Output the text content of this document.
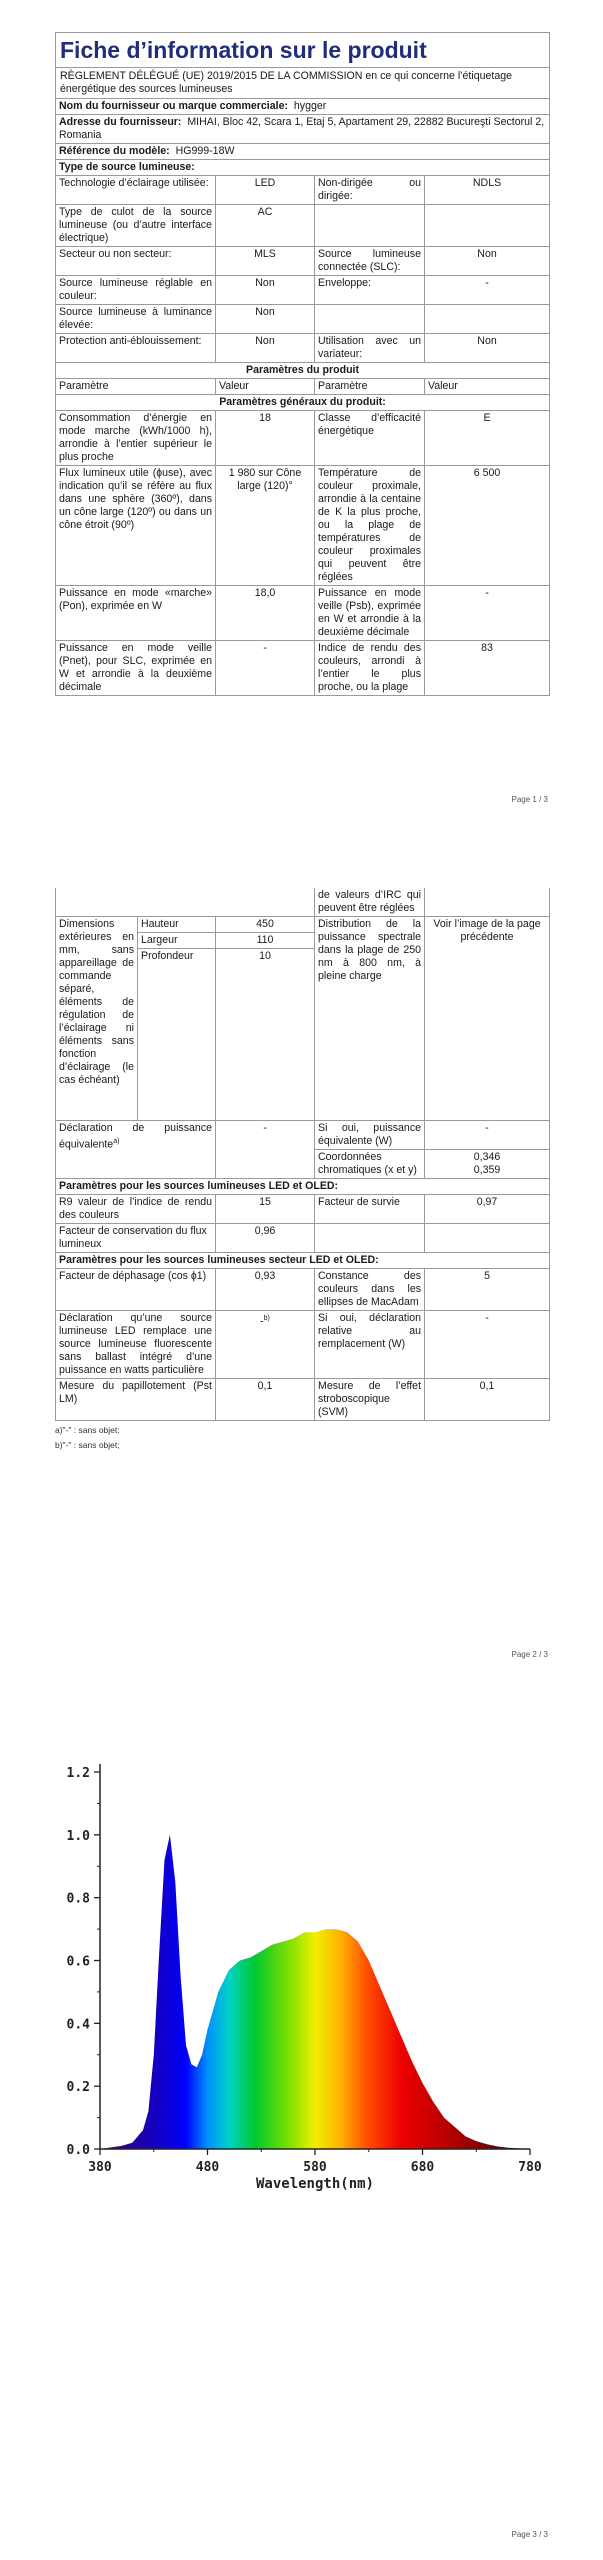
Fiche d’information sur le produit			
RÈGLEMENT DÉLÉGUÉ (UE) 2019/2015 DE LA COMMISSION en ce qui concerne l’étiquetage énergétique des sources lumineuses			
Nom du fournisseur ou marque commerciale: hygger			
Adresse du fournisseur: MIHAI, Bloc 42, Scara 1, Etaj 5, Apartament 29, 22882 Bucureşti Sectorul 2, Romania			
Référence du modèle: HG999-18W			
Type de source lumineuse:			
Technologie d’éclairage utilisée:	LED	Non-dirigée ou dirigée:	NDLS
Type de culot de la source lumineuse (ou d’autre interface électrique)	AC		
Secteur ou non secteur:	MLS	Source lumineuse connectée (SLC):	Non
Source lumineuse réglable en couleur:	Non	Enveloppe:	-
Source lumineuse à luminance élevée:	Non		
Protection anti-éblouissement:	Non	Utilisation avec un variateur:	Non
Paramètres du produit			
Paramètre	Valeur	Paramètre	Valeur
Paramètres généraux du produit:			
Consommation d’énergie en mode marche (kWh/1000 h), arrondie à l’entier supérieur le plus proche	18	Classe d’efficacité énergétique	E
Flux lumineux utile (ɸuse), avec indication qu’il se réfère au flux dans une sphère (360º), dans un cône large (120º) ou dans un cône étroit (90º)	1 980 sur Cône large (120)°	Température de couleur proximale, arrondie à la centaine de K la plus proche, ou la plage de températures de couleur proximales qui peuvent être réglées	6 500
Puissance en mode «marche» (Pon), exprimée en W	18,0	Puissance en mode veille (Psb), exprimée en W et arrondie à la deuxième décimale	-
Puissance en mode veille (Pnet), pour SLC, exprimée en W et arrondie à la deuxième décimale	-	Indice de rendu des couleurs, arrondi à l’entier le plus proche, ou la plage	83
Page 1 / 3
			de valeurs d’IRC qui peuvent être réglées	
Dimensions extérieures en mm, sans appareillage de commande séparé, éléments de régulation de l’éclairage ni éléments sans fonction d’éclairage (le cas échéant)	Hauteur	450	Distribution de la puissance spectrale dans la plage de 250 nm à 800 nm, à pleine charge	Voir l’image de la page précédente
	Largeur	110		
	Profondeur	10		
Déclaration de puissance équivalente$^{a)}$		-	Si oui, puissance équivalente (W)	-
			Coordonnées chromatiques (x et y)	0,346
0,359

Paramètres pour les sources lumineuses LED et OLED:				
R9 valeur de l’indice de rendu des couleurs		15	Facteur de survie	0,97
Facteur de conservation du flux lumineux		0,96		
Paramètres pour les sources lumineuses secteur LED et OLED:				
Facteur de déphasage (cos ɸ1)		0,93	Constance des couleurs dans les ellipses de MacAdam	5
Déclaration qu’une source lumineuse LED remplace une source lumineuse fluorescente sans ballast intégré d’une puissance en watts particulière		-$^{b)}$	Si oui, déclaration relative au remplacement (W)	-
Mesure du papillotement (Pst LM)		0,1	Mesure de l’effet stroboscopique (SVM)	0,1
a)"-" : sans objet;
b)"-" : sans objet;
Page 2 / 3
0.0
0.2
0.4
0.6
0.8
1.0
1.2
380	480	580	680	780
Wavelength(nm)
Page 3 / 3
